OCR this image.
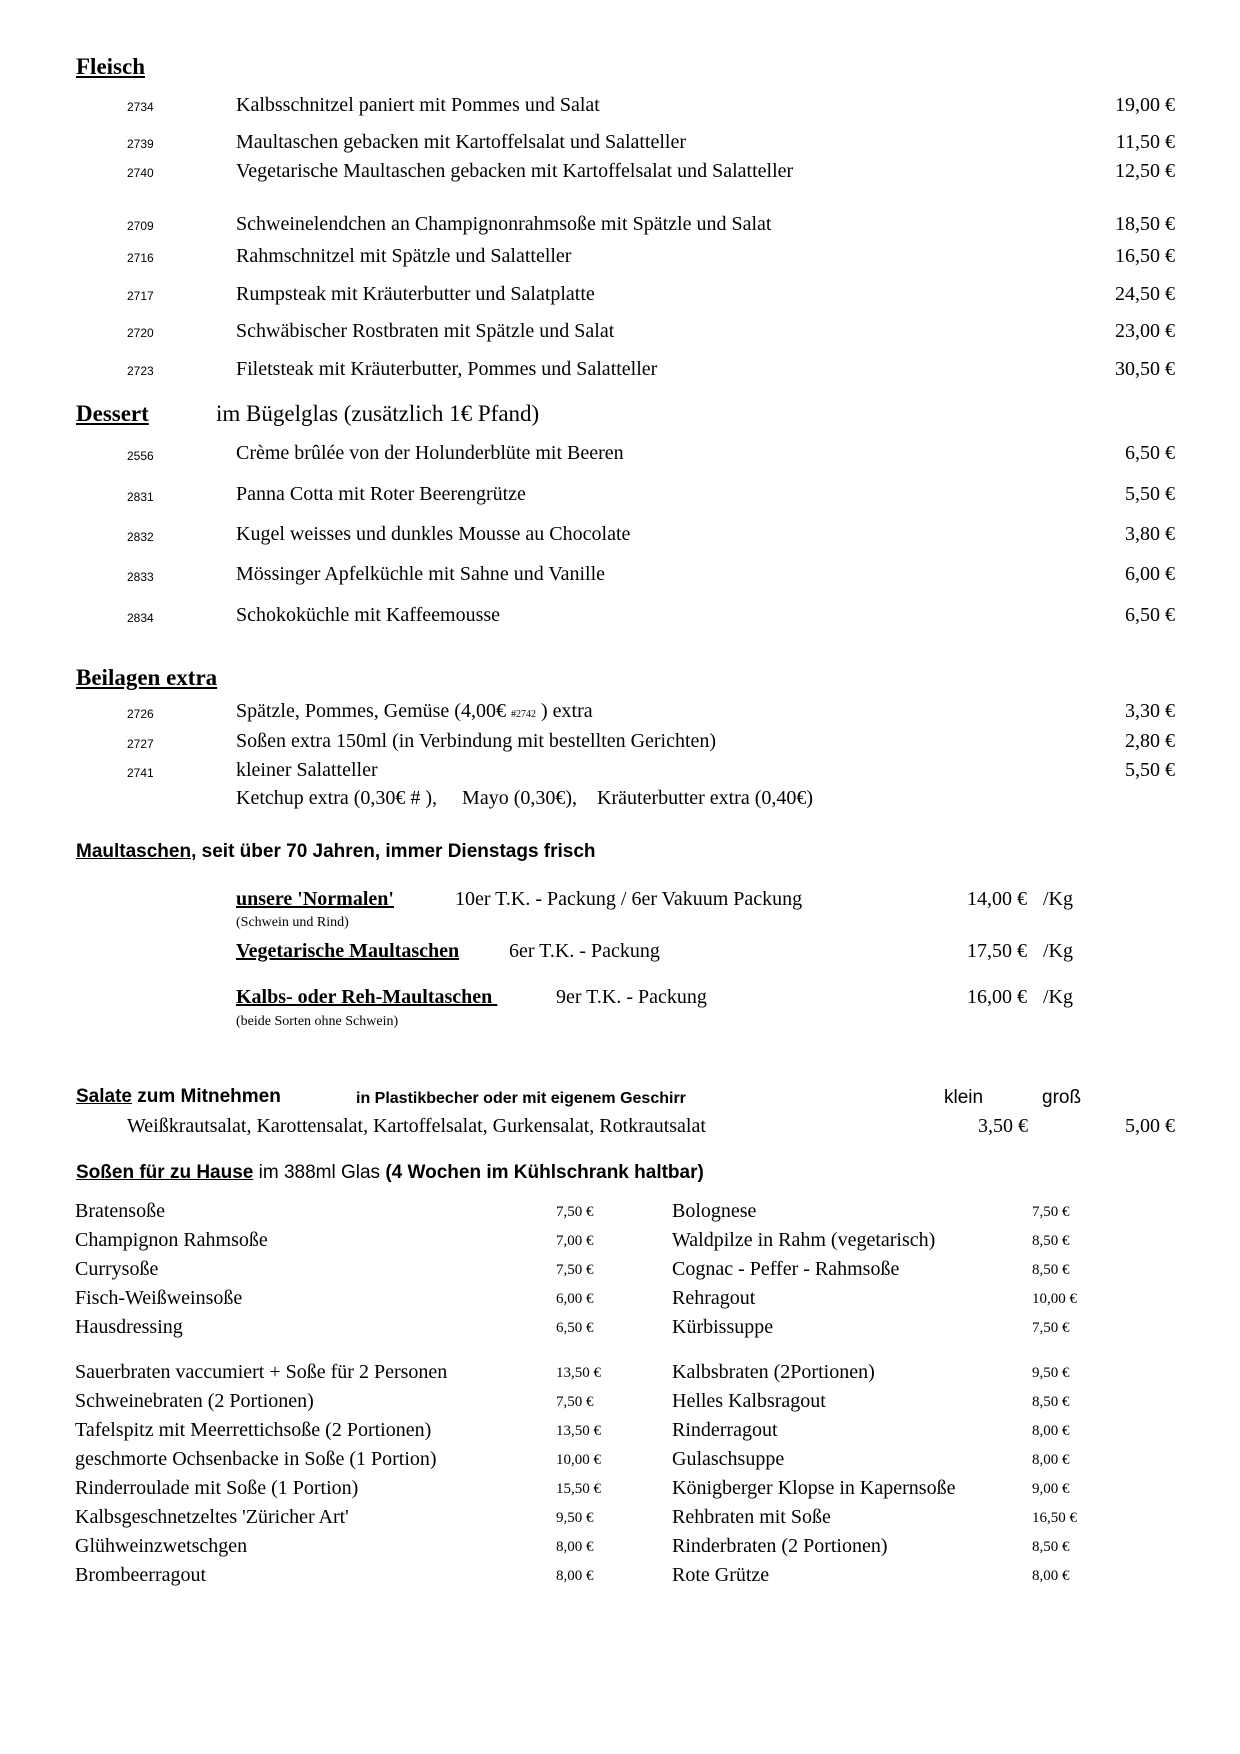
Fleisch
2734	Kalbsschnitzel paniert mit Pommes und Salat	19,00 €
2739	Maultaschen gebacken mit Kartoffelsalat und Salatteller	11,50 €
2740	Vegetarische Maultaschen gebacken mit Kartoffelsalat und Salatteller	12,50 €
2709	Schweinelendchen an Champignonrahmsoße mit Spätzle und Salat	18,50 €
2716	Rahmschnitzel mit Spätzle und Salatteller	16,50 €
2717	Rumpsteak mit Kräuterbutter und Salatplatte	24,50 €
2720	Schwäbischer Rostbraten mit Spätzle und Salat	23,00 €
2723	Filetsteak mit Kräuterbutter, Pommes und Salatteller	30,50 €
Dessert	im Bügelglas (zusätzlich 1€ Pfand)
2556	Crème brûlée von der Holunderblüte mit Beeren	6,50 €
2831	Panna Cotta mit Roter Beerengrütze	5,50 €
2832	Kugel weisses und dunkles Mousse au Chocolate	3,80 €
2833	Mössinger Apfelküchle mit Sahne und Vanille	6,00 €
2834	Schokoküchle mit Kaffeemousse	6,50 €
Beilagen extra
2726	Spätzle, Pommes, Gemüse (4,00€ #2742 ) extra	3,30 €
2727	Soßen extra 150ml (in Verbindung mit bestellten Gerichten)	2,80 €
2741	kleiner Salatteller	5,50 €
Ketchup extra (0,30€ # ),     Mayo (0,30€),    Kräuterbutter extra (0,40€)
Maultaschen, seit über 70 Jahren, immer Dienstags frisch
unsere 'Normalen'	10er T.K. - Packung / 6er Vakuum Packung	14,00 € /Kg
(Schwein und Rind)
Vegetarische Maultaschen 6er T.K. - Packung	17,50 € /Kg
Kalbs- oder Reh-Maultaschen	9er T.K. - Packung	16,00 € /Kg
(beide Sorten ohne Schwein)
Salate zum Mitnehmen	in Plastikbecher oder mit eigenem Geschirr	klein	groß
Weißkrautsalat, Karottensalat, Kartoffelsalat, Gurkensalat, Rotkrautsalat	3,50 €	5,00 €
Soßen für zu Hause im 388ml Glas (4 Wochen im Kühlschrank haltbar)
Bratensoße	7,50 €
Champignon Rahmsoße	7,00 €
Currysoße	7,50 €
Fisch-Weißweinsoße	6,00 €
Hausdressing	6,50 €
Sauerbraten vaccumiert + Soße für 2 Personen	13,50 €
Schweinebraten (2 Portionen)	7,50 €
Tafelspitz mit Meerrettichsoße (2 Portionen)	13,50 €
geschmorte Ochsenbacke in Soße (1 Portion)	10,00 €
Rinderroulade mit Soße (1 Portion)	15,50 €
Kalbsgeschnetzeltes 'Züricher Art'	9,50 €
Glühweinzwetschgen	8,00 €
Brombeerragout	8,00 €
Bolognese	7,50 €
Waldpilze in Rahm (vegetarisch)	8,50 €
Cognac - Peffer - Rahmsoße	8,50 €
Rehragout	10,00 €
Kürbissuppe	7,50 €
Kalbsbraten (2Portionen)	9,50 €
Helles Kalbsragout	8,50 €
Rinderragout	8,00 €
Gulaschsuppe	8,00 €
Königberger Klopse in Kapernsoße	9,00 €
Rehbraten mit Soße	16,50 €
Rinderbraten (2 Portionen)	8,50 €
Rote Grütze	8,00 €
